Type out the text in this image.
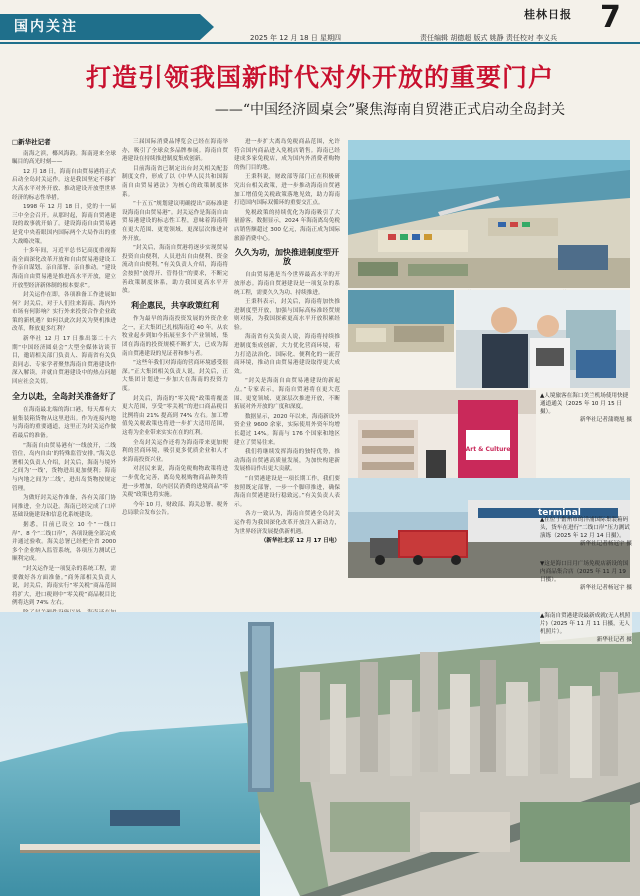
国内关注
桂林日报 7
2025 年 12 月 18 日 星期四	责任编辑 胡德超 版式 姚静 责任校对 李义兵
打造引领我国新时代对外开放的重要门户
——“中国经济圆桌会”聚焦海南自贸港正式启动全岛封关
□新华社记者

南海之滨，椰风海韵。海南迎来全球瞩目的高光时刻——

12 月 18 日，海南自由贸易港将正式启动全岛封关运作。这是我国坚定不移扩大高水平对外开放、推动建设开放型世界经济的标志性举措。

1998 年 12 月 18 日，党的十一届三中全会召开。从那时起，海南自贸港建设的故事就开始了。建设海南自由贸易港是党中央着眼国内国际两个大局作出的重大战略决策。

十多年间，习近平总书记高度重视海南全面深化改革开放和自由贸易港建设工作亲自谋划、亲自部署、亲自推动。“建设海南自由贸易港是推进高水平开放，建立开放型经济新体制的根本要求”。

封关运作在即，各项准备工作进展如何？封关后，对于人们往来海南、海内外市场有何影响？实行外来投资合作企业政策的新机遇？如何以此次封关为契机推进改革，释放更多红利？

新华社 12 月 17 日推出第二十六期“中国经济圆桌会”大型全媒体访谈节目，邀请相关部门负责人、海南省有关负责同志、专家学者聚焦海南自贸港建设作深入解读，并就自贸港建设中的热点问题回应社会关切。

全力以赴，全岛封关准备好了

在海南最北端的海口港，每天都有大量集装箱货物从这里进出。作为连接内地与海南的重要通道，这里正为封关运作做着最后的准备。

“海南自由贸易港有‘一线放开，二线管住，岛内自由’的特殊监管安排。”海关总署相关负责人介绍，封关后，海南与境外之间为‘一线’，货物进出更加便利；海南与内地之间为‘二线’，进出岛货物按规定管理。

为做好封关运作准备，各有关部门协同推进，全力以赴。海南已经完成了口岸基础设施建设和信息化系统建设。

据悉，目前已设立 10 个“一线口岸”、8 个“二线口岸”，各项设施全部完成并通过验收。海关总署已经把全省 2000 多个企业纳入监管系统，各项压力测试已顺利完成。

“封关运作是一项复杂的系统工程，需要做好各方面准备。”商务部相关负责人说，封关后，海南实行“零关税”商品范围将扩大，进口税则中“零关税”商品税目比例将达到 74% 左右。

三届国际消费品博览会已经在海南举办，吸引了全球众多品牌参展。海南自贸港建设在持续推进制度集成创新。

目前海南省已制定出台封关相关配套制度文件，形成了以《中华人民共和国海南自由贸易港法》为核心的政策制度体系。

“十五五”规划建议明确提出“高标准建设海南自由贸易港”。封关运作是海南自由贸易港建设的标志性工程，意味着海南将在更大范围、更宽领域、更深层次推进对外开放。

“封关后，海南自贸港将逐步实现贸易投资自由便利，人员进出自由便利、资金流动自由便利。”有关负责人介绍，海南将会按照“放得开、管得住”的要求，不断完善政策制度体系，助力我国更高水平开放。

利企惠民，共享政策红利

作为最早的海南投资发展的外资企业之一，正大集团已扎根海南近 40 年。从农牧业起步到如今拓展至多个产业领域，集团在海南的投资规模不断扩大，已成为海南自贸港建设的见证者和参与者。

“这些年我们对海南的营商环境感受很深。”正大集团相关负责人说，封关后，正大集团计划进一步加大在海南的投资力度。

封关后，海南的“零关税”政策将覆盖更大范围，享受“零关税”的进口商品税目比例将由 21% 提高到 74% 左右。加工增值免关税政策也将进一步扩大适用范围，这将为企业带来实实在在的红利。

全岛封关运作还将为海南带来更加便利的营商环境，吸引更多优质企业和人才来海南投资兴业。

对居民来说，海南免税购物政策将进一步优化完善，离岛免税购物商品种类将进一步增加，岛内居民消费的进境商品“零关税”政策也将实施。

今年 10 月，财政部、海关总署、税务总局联合发布公告。

进一步扩大离岛免税商品范围，允许符合国内商品进入免税店销售。海南已经建成多家免税店，成为国内外消费者购物的热门目的地。

王秉科说，财政部等部门正在积极研究出台相关政策，进一步推动海南自贸港加工增值免关税政策落地见效，助力海南打造国内国际双循环的重要交汇点。

免税政策的持续优化为海南吸引了大量游客。数据显示，2024 年海南离岛免税店销售额超过 300 亿元，海南正成为国际旅游消费中心。

久久为功，加快推进制度型开放

自由贸易港是当今世界最高水平的开放形态。海南自贸港建设是一项复杂的系统工程，需要久久为功、持续推进。

王秉科表示，封关后，海南将加快推进制度型开放，加强与国际高标准经贸规则对接，为我国探索更高水平开放积累经验。

海南省有关负责人说，海南将持续推进制度集成创新，大力优化营商环境，着力打造法治化、国际化、便利化的一流营商环境，推动自由贸易港建设取得更大成效。

“封关是海南自由贸易港建设的新起点。”专家表示，海南自贸港将在更大范围、更宽领域、更深层次推进开放，不断拓展对外开放的广度和深度。

数据显示，2020 年以来，海南新设外资企业 9600 余家，实际使用外资年均增长超过 14%。海南与 176 个国家和地区建立了贸易往来。

我们将继续发挥海南的独特优势，推动海南自贸港高质量发展，为加快构建新发展格局作出更大贡献。

“自贸港建设是一项长期工作，我们要按照既定部署，一步一个脚印推进，确保海南自贸港建设行稳致远。”有关负责人表示。

各方一致认为，海南自贸港全岛封关运作将为我国深化改革开放注入新动力，为世界经济发展提供新机遇。

（新华社北京 12 月 17 日电）

▲人境旅客在海口美兰机场使用快捷通道通关（2025 年 10 月 15 日摄）。
新华社记者蒲晓旭 摄
Art & Culture
terminal
▲在位于儋州市的洋浦国际集装箱码头，货车在进行“二线口岸”压力测试演练（2025 年 12 月 14 日摄）。
新华社记者杨冠宇 摄
▼这是海口日月广场免税店新设的国内商品集合店（2025 年 11 月 19 日摄）。
新华社记者杨冠宇 摄
▲海南自贸港建设最新成就(无人机照片)（2025 年 11 月 11 日摄，无人机照片）。
新华社记者 摄
